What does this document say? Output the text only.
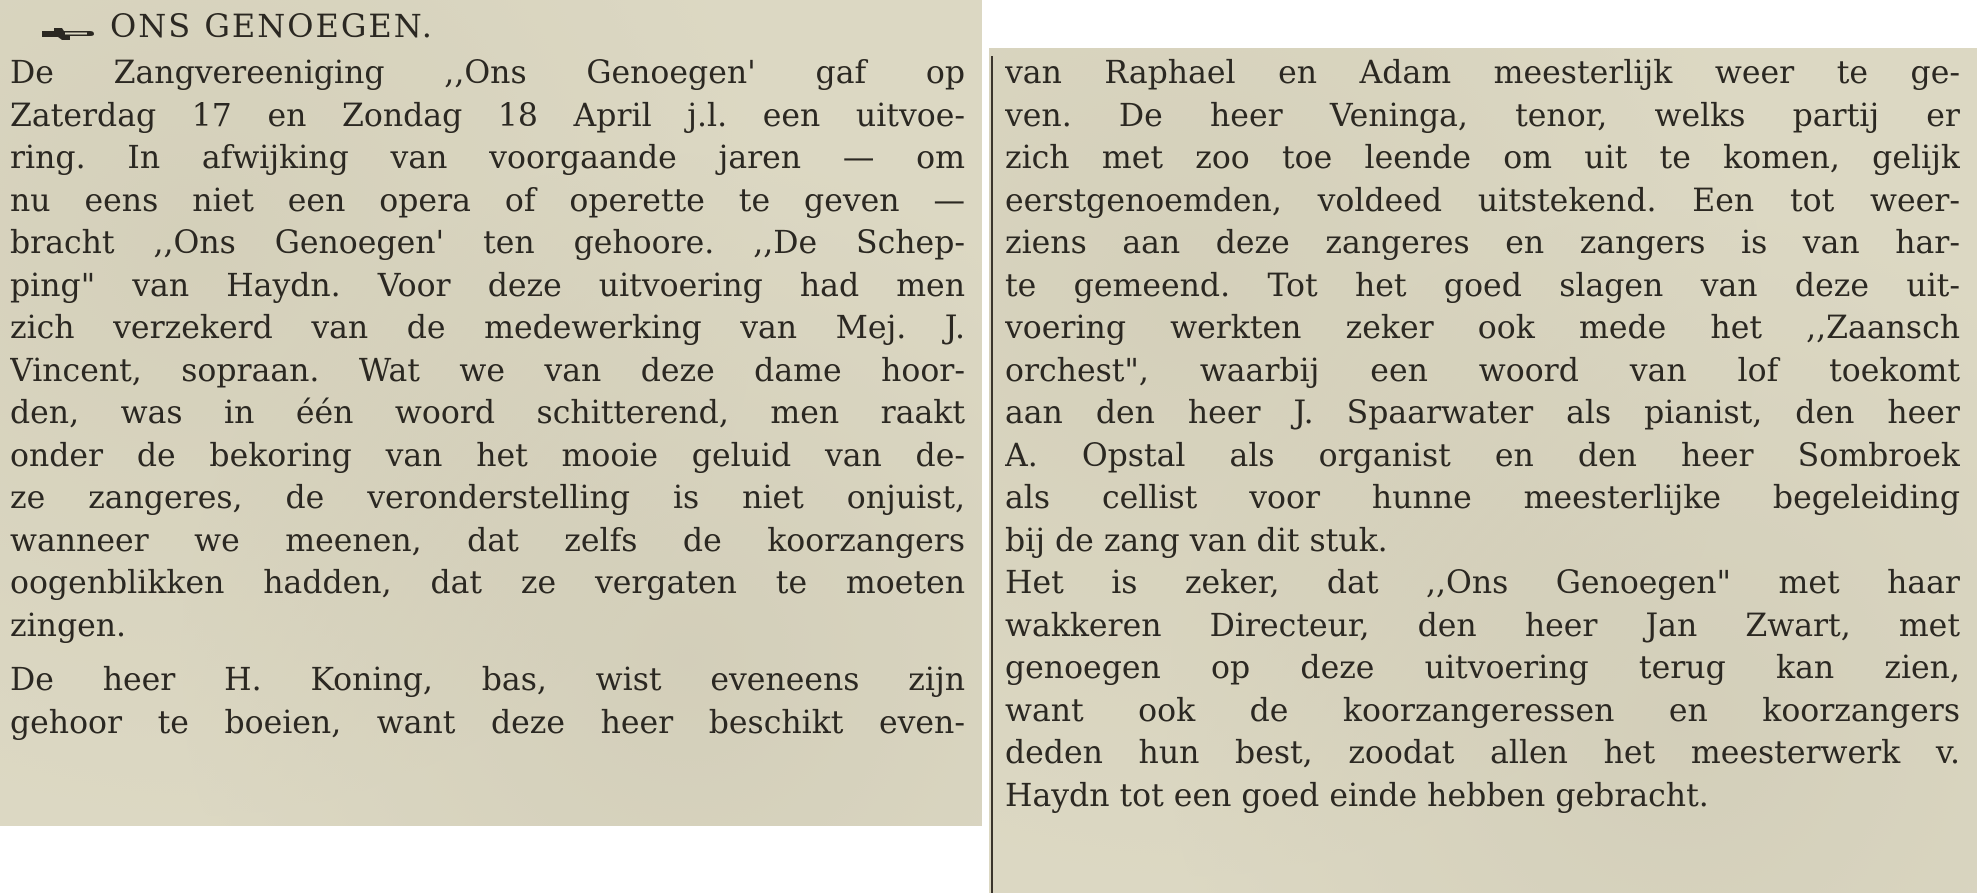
ONS GENOEGEN.
De Zangvereeniging ,,Ons Genoegen' gaf op
Zaterdag 17 en Zondag 18 April j.l. een uitvoe-
ring. In afwijking van voorgaande jaren — om
nu eens niet een opera of operette te geven —
bracht ,,Ons Genoegen' ten gehoore. ,,De Schep-
ping" van Haydn. Voor deze uitvoering had men
zich verzekerd van de medewerking van Mej. J.
Vincent, sopraan. Wat we van deze dame hoor-
den, was in één woord schitterend, men raakt
onder de bekoring van het mooie geluid van de-
ze zangeres, de veronderstelling is niet onjuist,
wanneer we meenen, dat zelfs de koorzangers
oogenblikken hadden, dat ze vergaten te moeten
zingen.
De heer H. Koning, bas, wist eveneens zijn
gehoor te boeien, want deze heer beschikt even-
van Raphael en Adam meesterlijk weer te ge-
ven. De heer Veninga, tenor, welks partij er
zich met zoo toe leende om uit te komen, gelijk
eerstgenoemden, voldeed uitstekend. Een tot weer-
ziens aan deze zangeres en zangers is van har-
te gemeend. Tot het goed slagen van deze uit-
voering werkten zeker ook mede het ,,Zaansch
orchest", waarbij een woord van lof toekomt
aan den heer J. Spaarwater als pianist, den heer
A. Opstal als organist en den heer Sombroek
als cellist voor hunne meesterlijke begeleiding
bij de zang van dit stuk.
Het is zeker, dat ,,Ons Genoegen" met haar
wakkeren Directeur, den heer Jan Zwart, met
genoegen op deze uitvoering terug kan zien,
want ook de koorzangeressen en koorzangers
deden hun best, zoodat allen het meesterwerk v.
Haydn tot een goed einde hebben gebracht.
